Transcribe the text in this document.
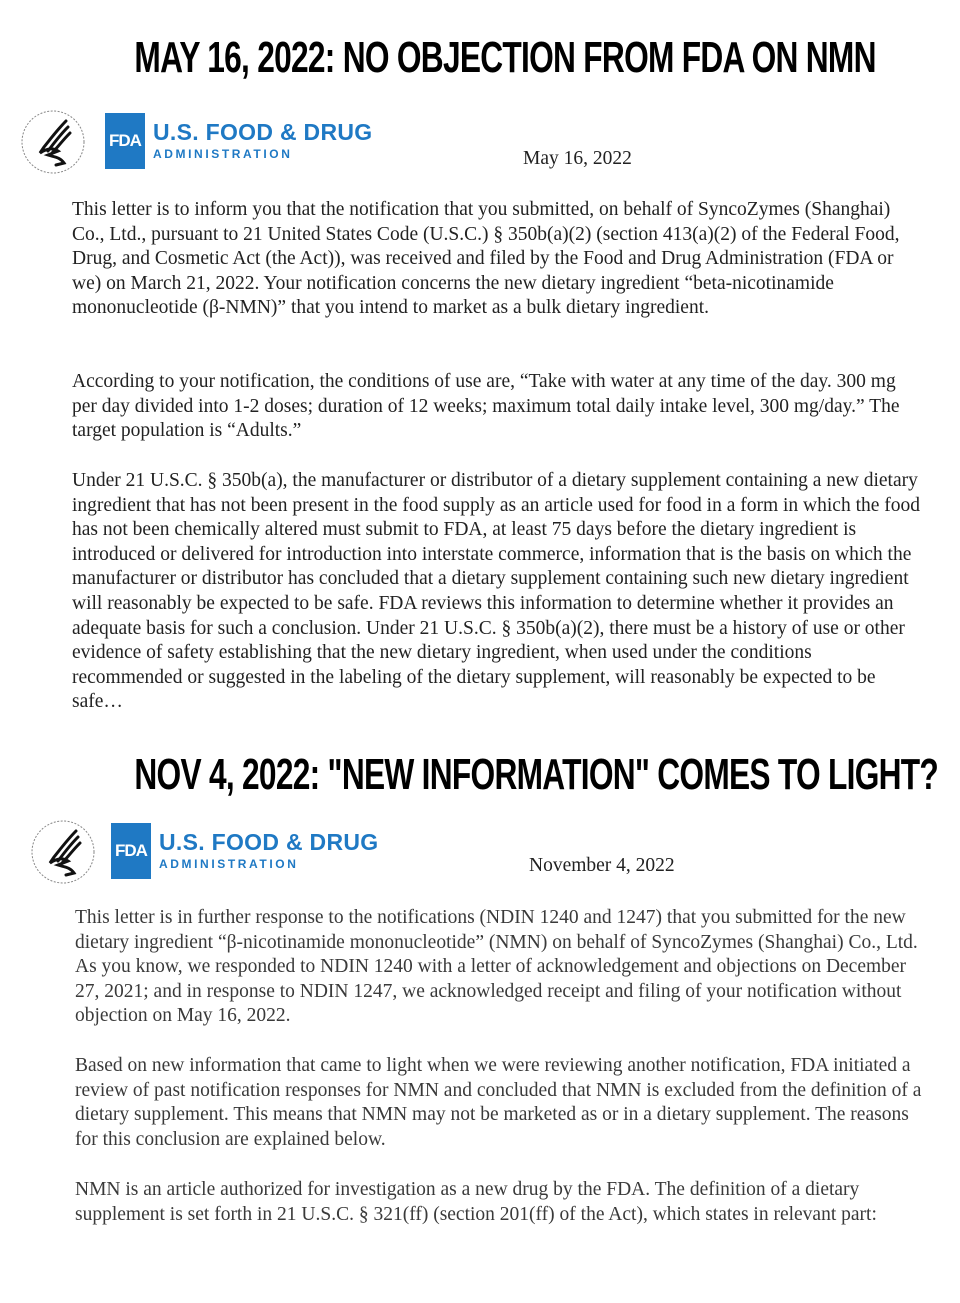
MAY 16, 2022: NO OBJECTION FROM FDA ON NMN
FDA U.S. FOOD & DRUG
ADMINISTRATION	May 16, 2022

This letter is to inform you that the notification that you submitted, on behalf of SyncoZymes (Shanghai) Co., Ltd., pursuant to 21 United States Code (U.S.C.) § 350b(a)(2) (section 413(a)(2) of the Federal Food, Drug, and Cosmetic Act (the Act)), was received and filed by the Food and Drug Administration (FDA or we) on March 21, 2022. Your notification concerns the new dietary ingredient “beta-nicotinamide mononucleotide (β-NMN)” that you intend to market as a bulk dietary ingredient.

According to your notification, the conditions of use are, “Take with water at any time of the day. 300 mg per day divided into 1-2 doses; duration of 12 weeks; maximum total daily intake level, 300 mg/day.” The target population is “Adults.”

Under 21 U.S.C. § 350b(a), the manufacturer or distributor of a dietary supplement containing a new dietary ingredient that has not been present in the food supply as an article used for food in a form in which the food has not been chemically altered must submit to FDA, at least 75 days before the dietary ingredient is introduced or delivered for introduction into interstate commerce, information that is the basis on which the manufacturer or distributor has concluded that a dietary supplement containing such new dietary ingredient will reasonably be expected to be safe. FDA reviews this information to determine whether it provides an adequate basis for such a conclusion. Under 21 U.S.C. § 350b(a)(2), there must be a history of use or other evidence of safety establishing that the new dietary ingredient, when used under the conditions recommended or suggested in the labeling of the dietary supplement, will reasonably be expected to be safe…

NOV 4, 2022: "NEW INFORMATION" COMES TO LIGHT?
FDA U.S. FOOD & DRUG
ADMINISTRATION	November 4, 2022

This letter is in further response to the notifications (NDIN 1240 and 1247) that you submitted for the new dietary ingredient “β-nicotinamide mononucleotide” (NMN) on behalf of SyncoZymes (Shanghai) Co., Ltd. As you know, we responded to NDIN 1240 with a letter of acknowledgement and objections on December 27, 2021; and in response to NDIN 1247, we acknowledged receipt and filing of your notification without objection on May 16, 2022.

Based on new information that came to light when we were reviewing another notification, FDA initiated a review of past notification responses for NMN and concluded that NMN is excluded from the definition of a dietary supplement. This means that NMN may not be marketed as or in a dietary supplement. The reasons for this conclusion are explained below.

NMN is an article authorized for investigation as a new drug by the FDA. The definition of a dietary supplement is set forth in 21 U.S.C. § 321(ff) (section 201(ff) of the Act), which states in relevant part:
